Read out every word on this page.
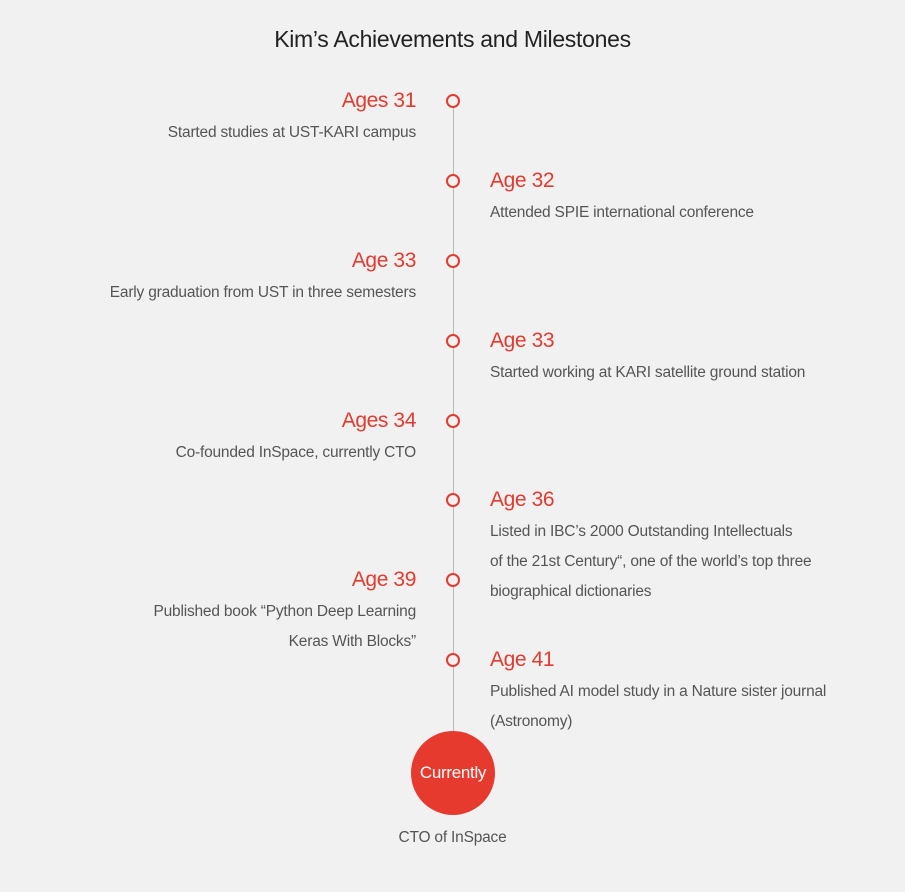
Kim’s Achievements and Milestones
Ages 31
Started studies at UST-KARI campus
Age 32
Attended SPIE international conference
Age 33
Early graduation from UST in three semesters
Age 33
Started working at KARI satellite ground station
Ages 34
Co-founded InSpace, currently CTO
Age 36
Listed in IBC’s 2000 Outstanding Intellectuals
of the 21st Century“, one of the world’s top three
biographical dictionaries
Age 39
Published book “Python Deep Learning
Keras With Blocks”
Age 41
Published AI model study in a Nature sister journal
(Astronomy)
Currently
CTO of InSpace
